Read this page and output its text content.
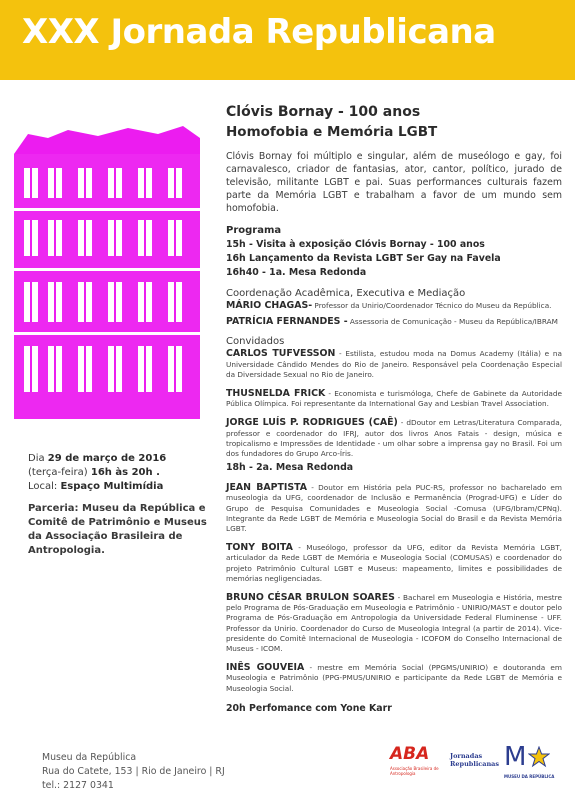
XXX Jornada Republicana

Clóvis Bornay - 100 anos

Homofobia e Memória LGBT

Clóvis Bornay foi múltiplo e singular, além de museólogo e gay, foi carnavalesco, criador de fantasias, ator, cantor, político, jurado de televisão, militante LGBT e pai. Suas performances culturais fazem parte da Memória LGBT e trabalham a favor de um mundo sem homofobia.

Programa

15h - Visita à exposição Clóvis Bornay - 100 anos

16h Lançamento da Revista LGBT Ser Gay na Favela

16h40 - 1a. Mesa Redonda

Coordenação Acadêmica, Executiva e Mediação

MÁRIO CHAGAS- Professor da Unirio/Coordenador Técnico do Museu da República.

PATRÍCIA FERNANDES - Assessoria de Comunicação - Museu da República/IBRAM

Convidados

CARLOS TUFVESSON - Estilista, estudou moda na Domus Academy (Itália) e na Universidade Cândido Mendes do Rio de Janeiro. Responsável pela Coordenação Especial da Diversidade Sexual no Rio de Janeiro.

THUSNELDA FRICK - Economista e turismóloga, Chefe de Gabinete da Autoridade Pública Olímpica. Foi representante da International Gay and Lesbian Travel Association.

JORGE LUÍS P. RODRIGUES (CAÊ) - dDoutor em Letras/Literatura Comparada, professor e coordenador do IFRJ, autor dos livros Anos Fatais - design, música e tropicalismo e Impressões de Identidade - um olhar sobre a imprensa gay no Brasil. Foi um dos fundadores do Grupo Arco-Íris.

18h - 2a. Mesa Redonda

JEAN BAPTISTA - Doutor em História pela PUC-RS, professor no bacharelado em museologia da UFG, coordenador de Inclusão e Permanência (Prograd-UFG) e Líder do Grupo de Pesquisa Comunidades e Museologia Social -Comusa (UFG/Ibram/CPNq). Integrante da Rede LGBT de Memória e Museologia Social do Brasil e da Revista Memória LGBT.

TONY BOITA - Museólogo, professor da UFG, editor da Revista Memória LGBT, articulador da Rede LGBT de Memória e Museologia Social (COMUSAS) e coordenador do projeto Patrimônio Cultural LGBT e Museus: mapeamento, limites e possibilidades de memórias negligenciadas.

BRUNO CÉSAR BRULON SOARES - Bacharel em Museologia e História, mestre pelo Programa de Pós-Graduação em Museologia e Patrimônio - UNIRIO/MAST e doutor pelo Programa de Pós-Graduação em Antropologia da Universidade Federal Fluminense - UFF. Professor da Unirio. Coordenador do Curso de Museologia Integral (a partir de 2014). Vice-presidente do Comitê Internacional de Museologia - ICOFOM do Conselho Internacional de Museus - ICOM.

INÊS GOUVEIA - mestre em Memória Social (PPGMS/UNIRIO) e doutoranda em Museologia e Patrimônio (PPG-PMUS/UNIRIO e participante da Rede LGBT de Memória e Museologia Social.

20h Perfomance com Yone Karr

Dia 29 de março de 2016
(terça-feira) 16h às 20h .
Local: Espaço Multimídia
Parceria: Museu da República e Comitê de Patrimônio e Museus da Associação Brasileira de Antropologia.
Museu da República
Rua do Catete, 153 | Rio de Janeiro | RJ
tel.: 2127 0341
ABA
Associação Brasileira de Antropologia
Jornadas
Republicanas M
MUSEU DA REPÚBLICA
